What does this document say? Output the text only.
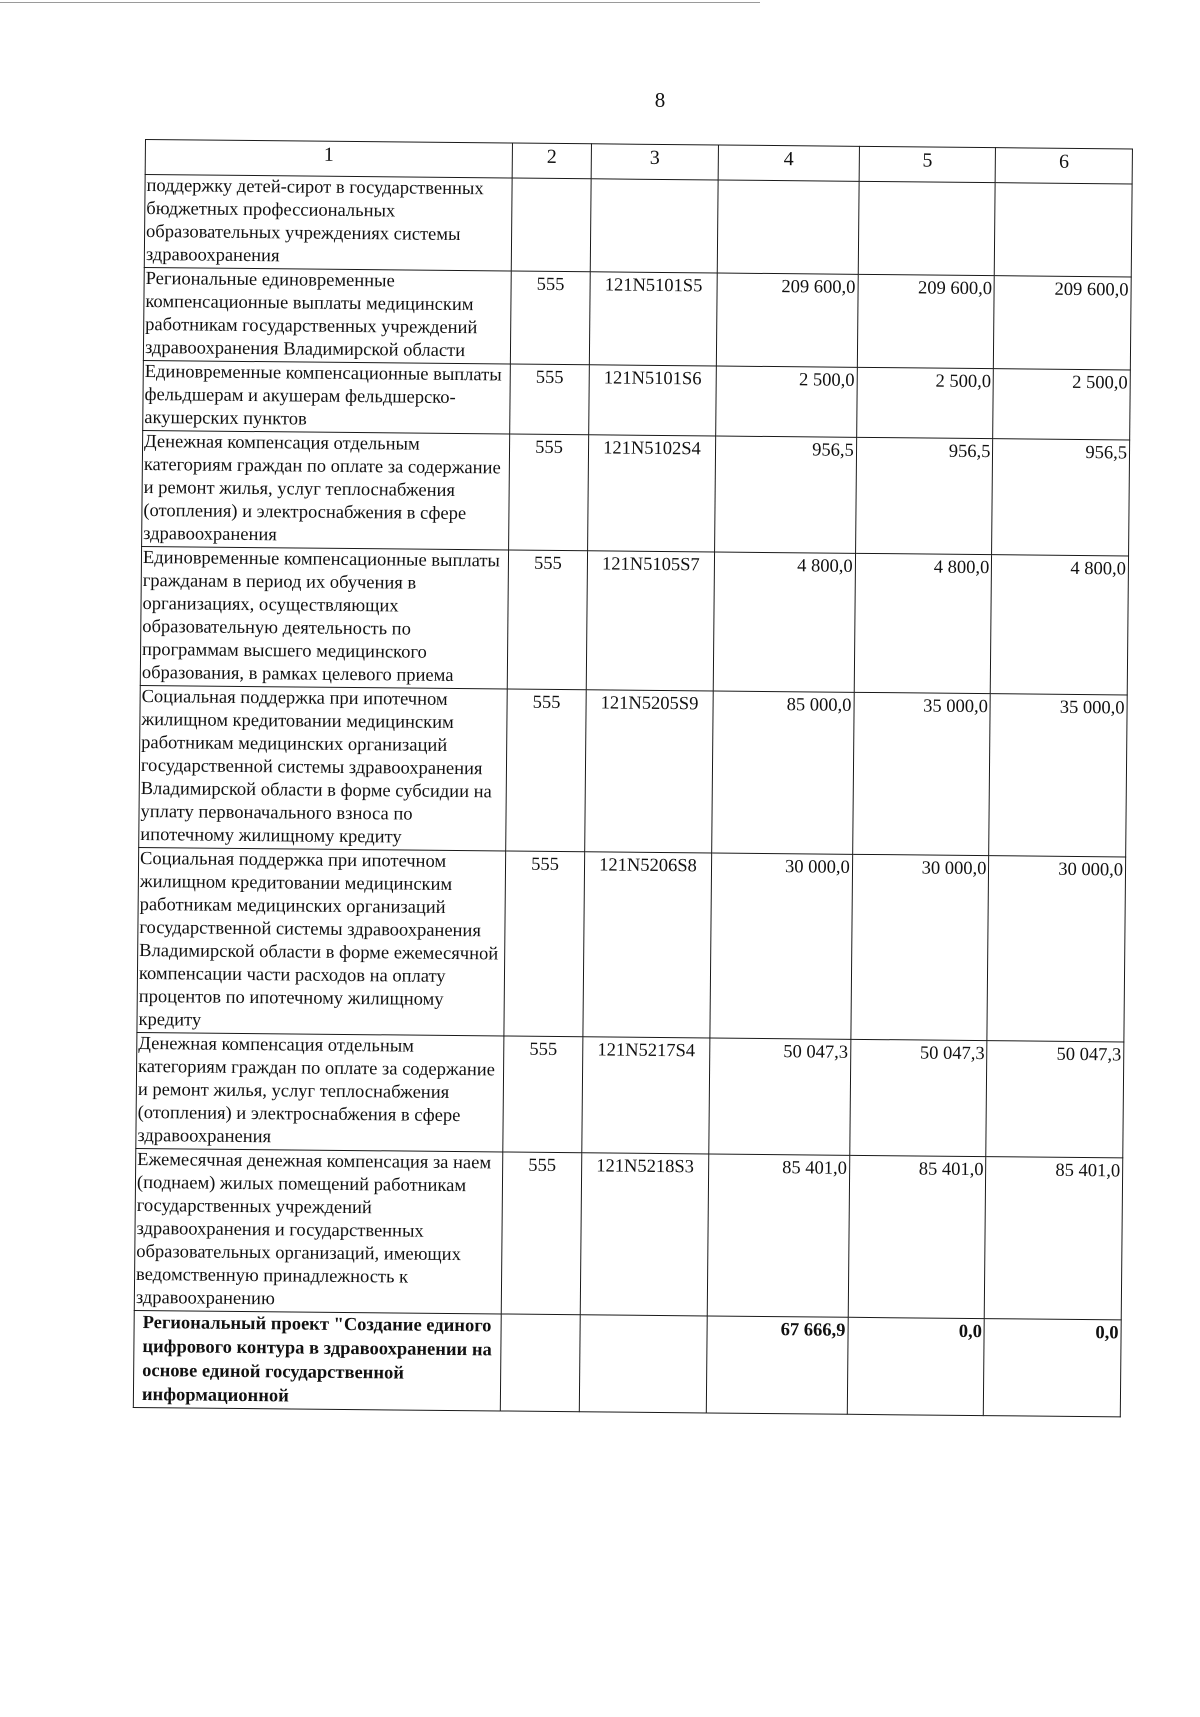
8
1	2	3	4	5	6
поддержку детей-сирот в государственных бюджетных профессиональных образовательных учреждениях системы здравоохранения					
Региональные единовременные компенсационные выплаты медицинским работникам государственных учреждений здравоохранения Владимирской области	555	121N5101S5	209 600,0	209 600,0	209 600,0
Единовременные компенсационные выплаты фельдшерам и акушерам фельдшерско-акушерских пунктов	555	121N5101S6	2 500,0	2 500,0	2 500,0
Денежная компенсация отдельным категориям граждан по оплате за содержание и ремонт жилья, услуг теплоснабжения (отопления) и электроснабжения в сфере здравоохранения	555	121N5102S4	956,5	956,5	956,5
Единовременные компенсационные выплаты гражданам в период их обучения в организациях, осуществляющих образовательную деятельность по программам высшего медицинского образования, в рамках целевого приема	555	121N5105S7	4 800,0	4 800,0	4 800,0
Социальная поддержка при ипотечном жилищном кредитовании медицинским работникам медицинских организаций государственной системы здравоохранения Владимирской области в форме субсидии на уплату первоначального взноса по ипотечному жилищному кредиту	555	121N5205S9	85 000,0	35 000,0	35 000,0
Социальная поддержка при ипотечном жилищном кредитовании медицинским работникам медицинских организаций государственной системы здравоохранения Владимирской области в форме ежемесячной компенсации части расходов на оплату процентов по ипотечному жилищному кредиту	555	121N5206S8	30 000,0	30 000,0	30 000,0
Денежная компенсация отдельным категориям граждан по оплате за содержание и ремонт жилья, услуг теплоснабжения (отопления) и электроснабжения в сфере здравоохранения	555	121N5217S4	50 047,3	50 047,3	50 047,3
Ежемесячная денежная компенсация за наем (поднаем) жилых помещений работникам государственных учреждений здравоохранения и государственных образовательных организаций, имеющих ведомственную принадлежность к здравоохранению	555	121N5218S3	85 401,0	85 401,0	85 401,0
Региональный проект "Создание единого цифрового контура в здравоохранении на основе единой государственной информационной			67 666,9	0,0	0,0
